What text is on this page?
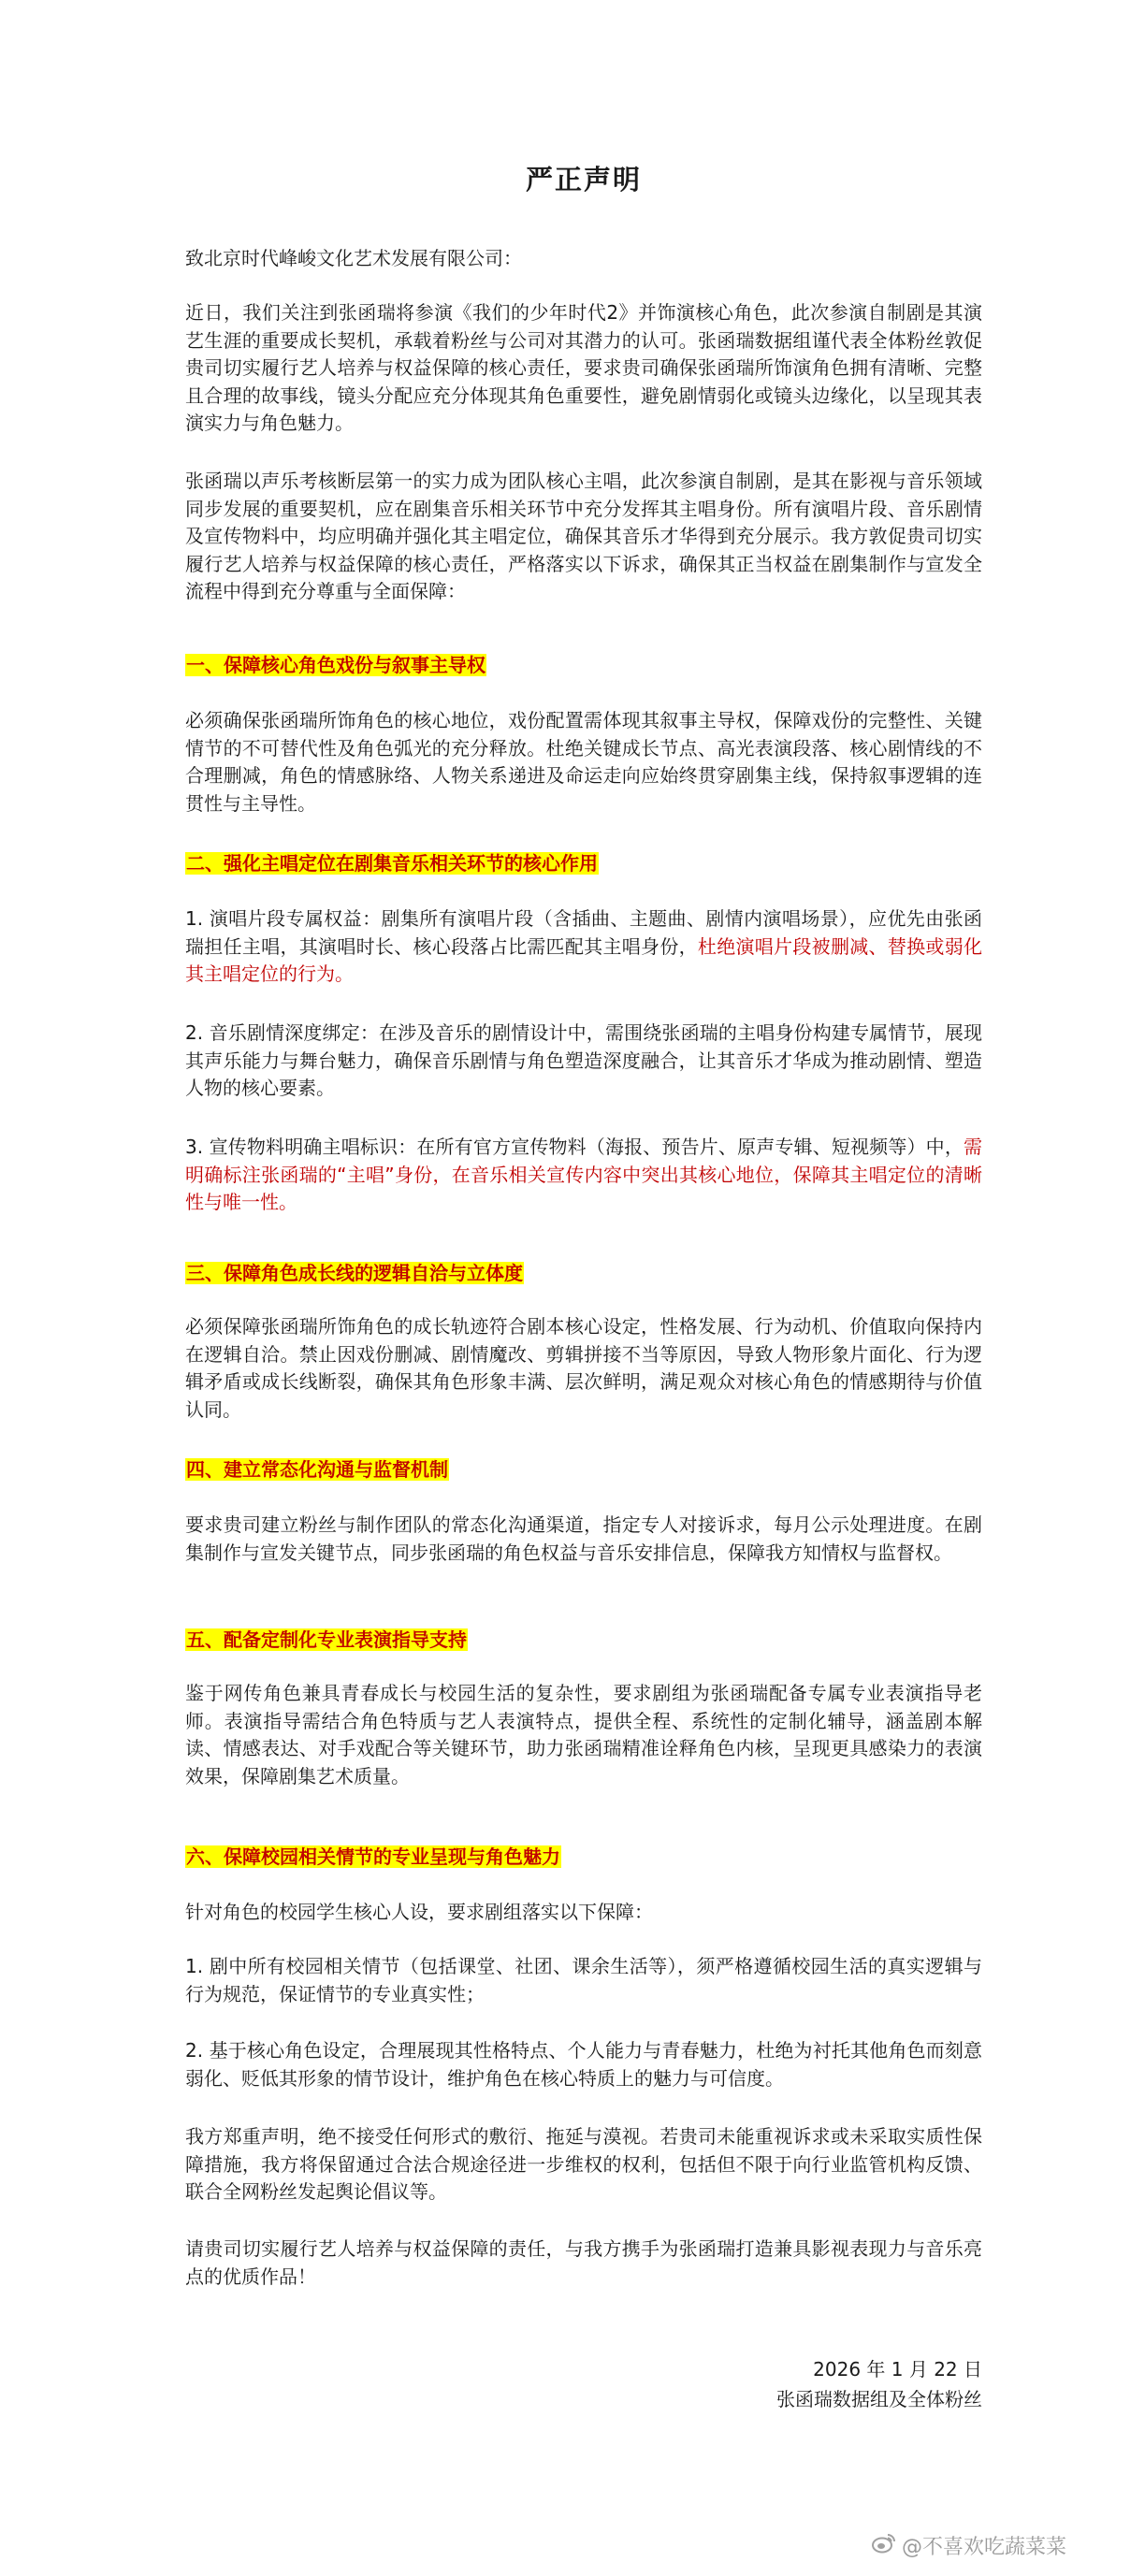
严正声明

致北京时代峰峻文化艺术发展有限公司：

近日，我们关注到张函瑞将参演《我们的少年时代2》并饰演核心角色，此次参演自制剧是其演艺生涯的重要成长契机，承载着粉丝与公司对其潜力的认可。张函瑞数据组谨代表全体粉丝敦促贵司切实履行艺人培养与权益保障的核心责任，要求贵司确保张函瑞所饰演角色拥有清晰、完整且合理的故事线，镜头分配应充分体现其角色重要性，避免剧情弱化或镜头边缘化，以呈现其表演实力与角色魅力。

张函瑞以声乐考核断层第一的实力成为团队核心主唱，此次参演自制剧，是其在影视与音乐领域同步发展的重要契机，应在剧集音乐相关环节中充分发挥其主唱身份。所有演唱片段、音乐剧情及宣传物料中，均应明确并强化其主唱定位，确保其音乐才华得到充分展示。我方敦促贵司切实履行艺人培养与权益保障的核心责任，严格落实以下诉求，确保其正当权益在剧集制作与宣发全流程中得到充分尊重与全面保障：

一、保障核心角色戏份与叙事主导权

必须确保张函瑞所饰角色的核心地位，戏份配置需体现其叙事主导权，保障戏份的完整性、关键情节的不可替代性及角色弧光的充分释放。杜绝关键成长节点、高光表演段落、核心剧情线的不合理删减，角色的情感脉络、人物关系递进及命运走向应始终贯穿剧集主线，保持叙事逻辑的连贯性与主导性。

二、强化主唱定位在剧集音乐相关环节的核心作用

1. 演唱片段专属权益：剧集所有演唱片段（含插曲、主题曲、剧情内演唱场景），应优先由张函瑞担任主唱，其演唱时长、核心段落占比需匹配其主唱身份，杜绝演唱片段被删减、替换或弱化其主唱定位的行为。

2. 音乐剧情深度绑定：在涉及音乐的剧情设计中，需围绕张函瑞的主唱身份构建专属情节，展现其声乐能力与舞台魅力，确保音乐剧情与角色塑造深度融合，让其音乐才华成为推动剧情、塑造人物的核心要素。

3. 宣传物料明确主唱标识：在所有官方宣传物料（海报、预告片、原声专辑、短视频等）中，需明确标注张函瑞的“主唱”身份，在音乐相关宣传内容中突出其核心地位，保障其主唱定位的清晰性与唯一性。

三、保障角色成长线的逻辑自洽与立体度

必须保障张函瑞所饰角色的成长轨迹符合剧本核心设定，性格发展、行为动机、价值取向保持内在逻辑自洽。禁止因戏份删减、剧情魔改、剪辑拼接不当等原因，导致人物形象片面化、行为逻辑矛盾或成长线断裂，确保其角色形象丰满、层次鲜明，满足观众对核心角色的情感期待与价值认同。

四、建立常态化沟通与监督机制

要求贵司建立粉丝与制作团队的常态化沟通渠道，指定专人对接诉求，每月公示处理进度。在剧集制作与宣发关键节点，同步张函瑞的角色权益与音乐安排信息，保障我方知情权与监督权。

五、配备定制化专业表演指导支持

鉴于网传角色兼具青春成长与校园生活的复杂性，要求剧组为张函瑞配备专属专业表演指导老师。表演指导需结合角色特质与艺人表演特点，提供全程、系统性的定制化辅导，涵盖剧本解读、情感表达、对手戏配合等关键环节，助力张函瑞精准诠释角色内核，呈现更具感染力的表演效果，保障剧集艺术质量。

六、保障校园相关情节的专业呈现与角色魅力

针对角色的校园学生核心人设，要求剧组落实以下保障：

1. 剧中所有校园相关情节（包括课堂、社团、课余生活等），须严格遵循校园生活的真实逻辑与行为规范，保证情节的专业真实性；

2. 基于核心角色设定，合理展现其性格特点、个人能力与青春魅力，杜绝为衬托其他角色而刻意弱化、贬低其形象的情节设计，维护角色在核心特质上的魅力与可信度。

我方郑重声明，绝不接受任何形式的敷衍、拖延与漠视。若贵司未能重视诉求或未采取实质性保障措施，我方将保留通过合法合规途径进一步维权的权利，包括但不限于向行业监管机构反馈、联合全网粉丝发起舆论倡议等。

请贵司切实履行艺人培养与权益保障的责任，与我方携手为张函瑞打造兼具影视表现力与音乐亮点的优质作品！

2026 年 1 月 22 日

张函瑞数据组及全体粉丝

@不喜欢吃蔬菜菜
